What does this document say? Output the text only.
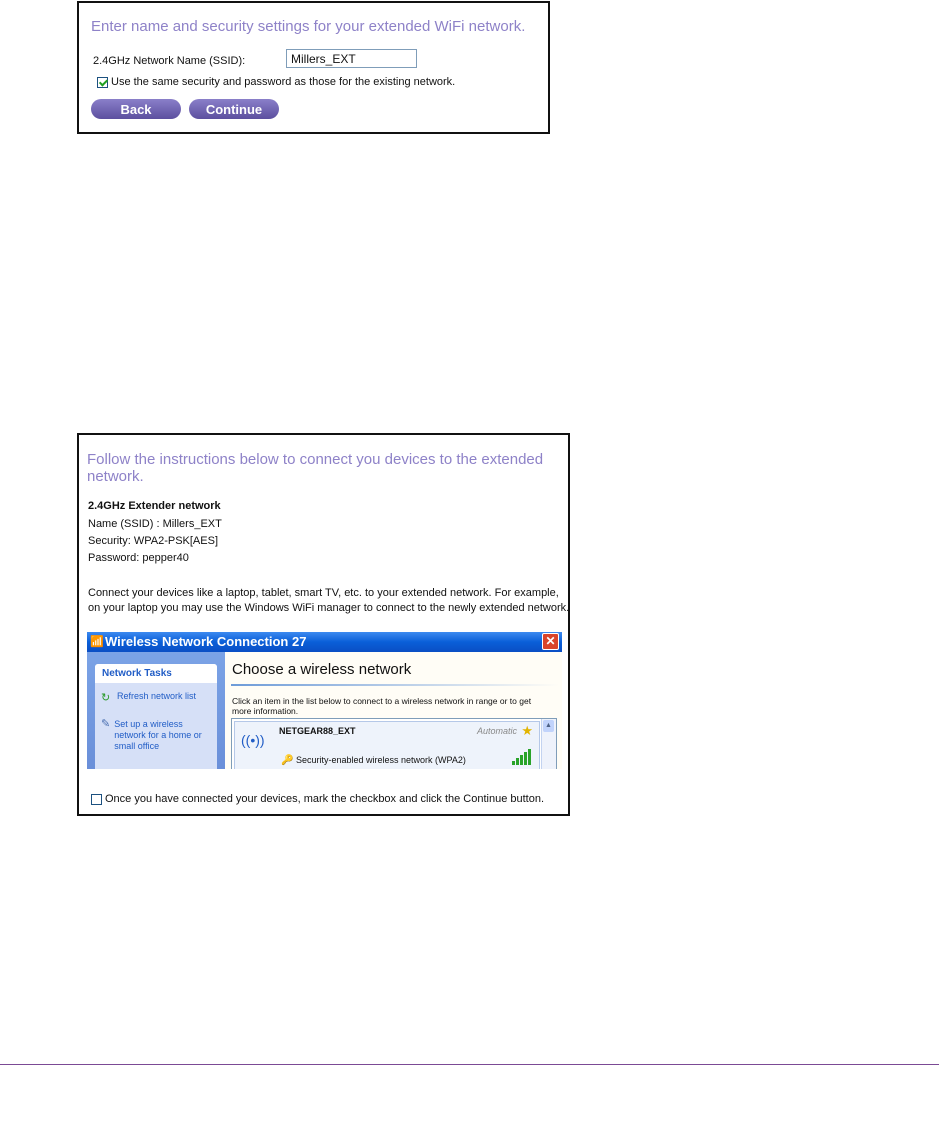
Enter name and security settings for your extended WiFi network.
2.4GHz Network Name (SSID):
Millers_EXT
Use the same security and password as those for the existing network.
Back	Continue
Follow the instructions below to connect you devices to the extended network.
2.4GHz Extender network
Name (SSID) : Millers_EXT
Security: WPA2-PSK[AES]
Password: pepper40
Connect your devices like a laptop, tablet, smart TV, etc. to your extended network. For example, on your laptop you may use the Windows WiFi manager to connect to the newly extended network.
📶 Wireless Network Connection 27	✕
Network Tasks
↻ Refresh network list
✎ Set up a wireless network for a home or small office
Choose a wireless network
Click an item in the list below to connect to a wireless network in range or to get more information.
((•))
NETGEAR88_EXT	Automatic ★
🔑 Security-enabled wireless network (WPA2)
▲
Once you have connected your devices, mark the checkbox and click the Continue button.
